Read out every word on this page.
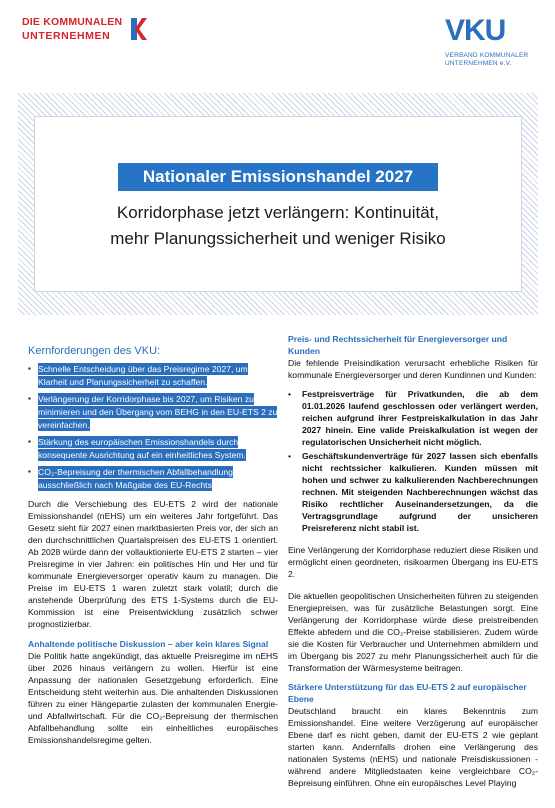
DIE KOMMUNALEN
UNTERNEHMEN	VKU
VERBAND KOMMUNALER
UNTERNEHMEN e.V.
Nationaler Emissionshandel 2027
Korridorphase jetzt verlängern: Kontinuität,
mehr Planungssicherheit und weniger Risiko
Kernforderungen des VKU:
▪ Schnelle Entscheidung über das Preisregime 2027, um Klarheit und Planungssicherheit zu schaffen.
▪ Verlängerung der Korridorphase bis 2027, um Risiken zu minimieren und den Übergang vom BEHG in den EU-ETS 2 zu vereinfachen.
▪ Stärkung des europäischen Emissionshandels durch konsequente Ausrichtung auf ein einheitliches System.
▪ CO₂-Bepreisung der thermischen Abfallbehandlung ausschließlich nach Maßgabe des EU-Rechts

Durch die Verschiebung des EU-ETS 2 wird der nationale Emissionshandel (nEHS) um ein weiteres Jahr fortgeführt. Das Gesetz sieht für 2027 einen marktbasierten Preis vor, der sich an den durchschnittlichen Quartalspreisen des EU-ETS 1 orientiert. Ab 2028 würde dann der vollauktionierte EU-ETS 2 starten – vier Preisregime in vier Jahren: ein politisches Hin und Her und für kommunale Energieversorger operativ kaum zu managen. Die Preise im EU-ETS 1 waren zuletzt stark volatil; durch die anstehende Überprüfung des ETS 1-Systems durch die EU-Kommission ist eine Preisentwicklung zusätzlich schwer prognostizierbar.

Anhaltende politische Diskussion – aber kein klares Signal

Die Politik hatte angekündigt, das aktuelle Preisregime im nEHS über 2026 hinaus verlängern zu wollen. Hierfür ist eine Anpassung der nationalen Gesetzgebung erforderlich. Eine Entscheidung steht weiterhin aus. Die anhaltenden Diskussionen führen zu einer Hängepartie zulasten der kommunalen Energie- und Abfallwirtschaft. Für die CO₂-Bepreisung der thermischen Abfallbehandlung sollte ein einheitliches europäisches Emissionshandelsregime gelten.

Preis- und Rechtssicherheit für Energieversorger und Kunden

Die fehlende Preisindikation verursacht erhebliche Risiken für kommunale Energieversorger und deren Kundinnen und Kunden:

• Festpreisverträge für Privatkunden, die ab dem 01.01.2026 laufend geschlossen oder verlängert werden, reichen aufgrund ihrer Festpreiskalkulation in das Jahr 2027 hinein. Eine valide Preiskalkulation ist wegen der regulatorischen Unsicherheit nicht möglich.
• Geschäftskundenverträge für 2027 lassen sich ebenfalls nicht rechtssicher kalkulieren. Kunden müssen mit hohen und schwer zu kalkulierenden Nachberechnungen rechnen. Mit steigenden Nachberechnungen wächst das Risiko rechtlicher Auseinandersetzungen, da die Vertragsgrundlage aufgrund der unsicheren Preisreferenz nicht stabil ist.

Eine Verlängerung der Korridorphase reduziert diese Risiken und ermöglicht einen geordneten, risikoarmen Übergang ins EU-ETS 2.

Die aktuellen geopolitischen Unsicherheiten führen zu steigenden Energiepreisen, was für zusätzliche Belastungen sorgt. Eine Verlängerung der Korridorphase würde diese preistreibenden Effekte abfedern und die CO₂-Preise stabilisieren. Zudem würde sie die Kosten für Verbraucher und Unternehmen abmildern und im Übergang bis 2027 zu mehr Planungssicherheit auch für die Transformation der Wärmesysteme beitragen.

Stärkere Unterstützung für das EU-ETS 2 auf europäischer Ebene

Deutschland braucht ein klares Bekenntnis zum Emissionshandel. Eine weitere Verzögerung auf europäischer Ebene darf es nicht geben, damit der EU-ETS 2 wie geplant starten kann. Andernfalls drohen eine Verlängerung des nationalen Systems (nEHS) und nationale Preisdiskussionen - während andere Mitgliedstaaten keine vergleichbare CO₂-Bepreisung einführen. Ohne ein europäisches Level Playing
